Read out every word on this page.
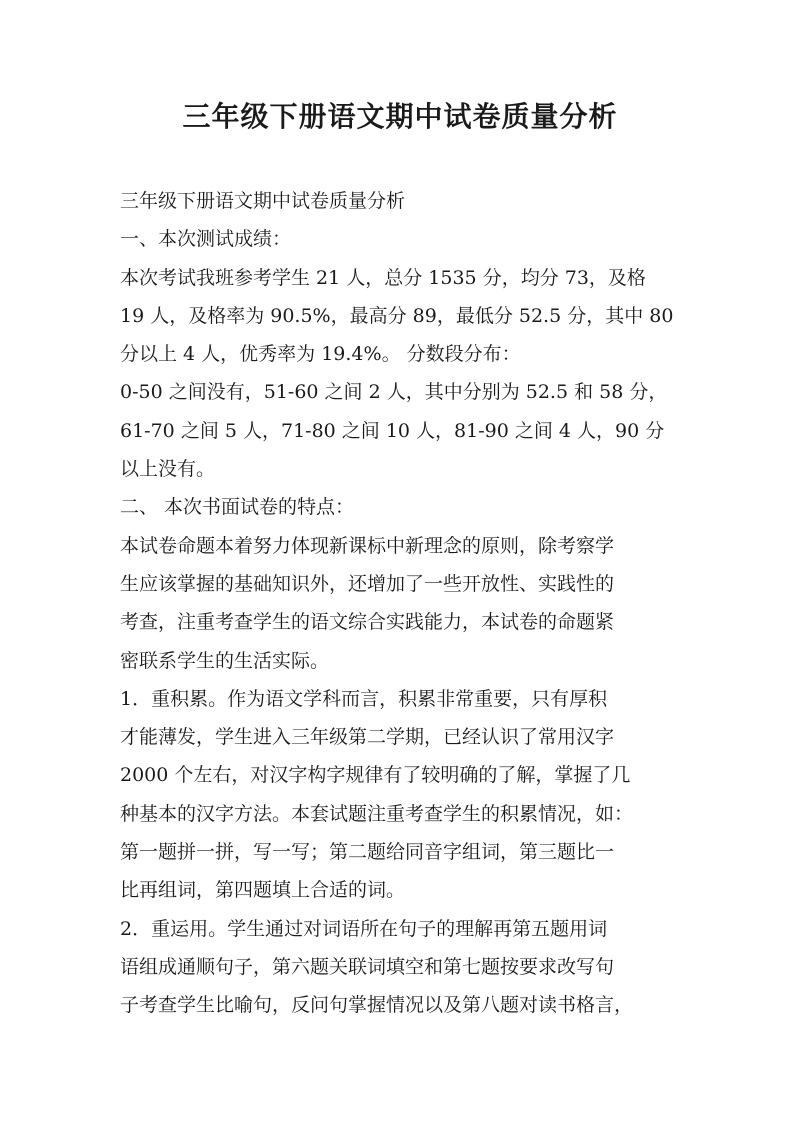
三年级下册语文期中试卷质量分析
三年级下册语文期中试卷质量分析
一、本次测试成绩：
本次考试我班参考学生 21 人，总分 1535 分，均分 73，及格
19 人，及格率为 90.5%，最高分 89，最低分 52.5 分，其中 80
分以上 4 人，优秀率为 19.4%。 分数段分布：
0-50 之间没有，51-60 之间 2 人，其中分别为 52.5 和 58 分，
61-70 之间 5 人，71-80 之间 10 人，81-90 之间 4 人，90 分
以上没有。
二、 本次书面试卷的特点：
本试卷命题本着努力体现新课标中新理念的原则，除考察学
生应该掌握的基础知识外，还增加了一些开放性、实践性的
考查，注重考查学生的语文综合实践能力，本试卷的命题紧
密联系学生的生活实际。
1．重积累。作为语文学科而言，积累非常重要，只有厚积
才能薄发，学生进入三年级第二学期，已经认识了常用汉字
2000 个左右，对汉字构字规律有了较明确的了解，掌握了几
种基本的汉字方法。本套试题注重考查学生的积累情况，如：
第一题拼一拼，写一写；第二题给同音字组词，第三题比一
比再组词，第四题填上合适的词。
2．重运用。学生通过对词语所在句子的理解再第五题用词
语组成通顺句子，第六题关联词填空和第七题按要求改写句
子考查学生比喻句，反问句掌握情况以及第八题对读书格言，
